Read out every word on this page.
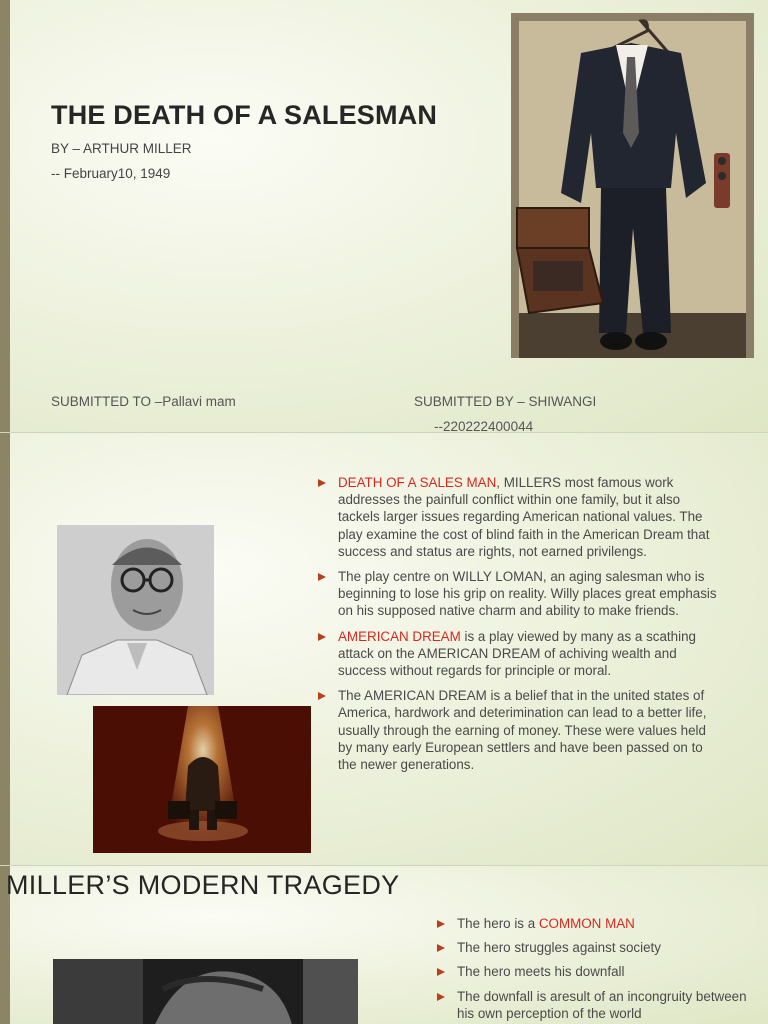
THE DEATH OF A SALESMAN
BY – ARTHUR MILLER
-- February10, 1949
SUBMITTED TO –Pallavi mam	SUBMITTED BY – SHIWANGI
--220222400044
DEATH OF A SALES MAN, MILLERS most famous work addresses the painfull conflict within one family, but it also tackels larger issues regarding American national values. The play examine the cost of blind faith in the American Dream that success and status are rights, not earned privilengs.
The play centre on WILLY LOMAN, an aging salesman who is beginning to lose his grip on reality. Willy places great emphasis on his supposed native charm and ability to make friends.
AMERICAN DREAM is a play viewed by many as a scathing attack on the AMERICAN DREAM of achiving wealth and success without regards for principle or moral.
The AMERICAN DREAM is a belief that in the united states of America, hardwork and deterimination can lead to a better life, usually through the earning of money. These were values held by many early European settlers and have been passed on to the newer generations.
MILLER’S MODERN TRAGEDY
The hero is a COMMON MAN
The hero struggles against society
The hero meets his downfall
The downfall is aresult of an incongruity between his own perception of the world
